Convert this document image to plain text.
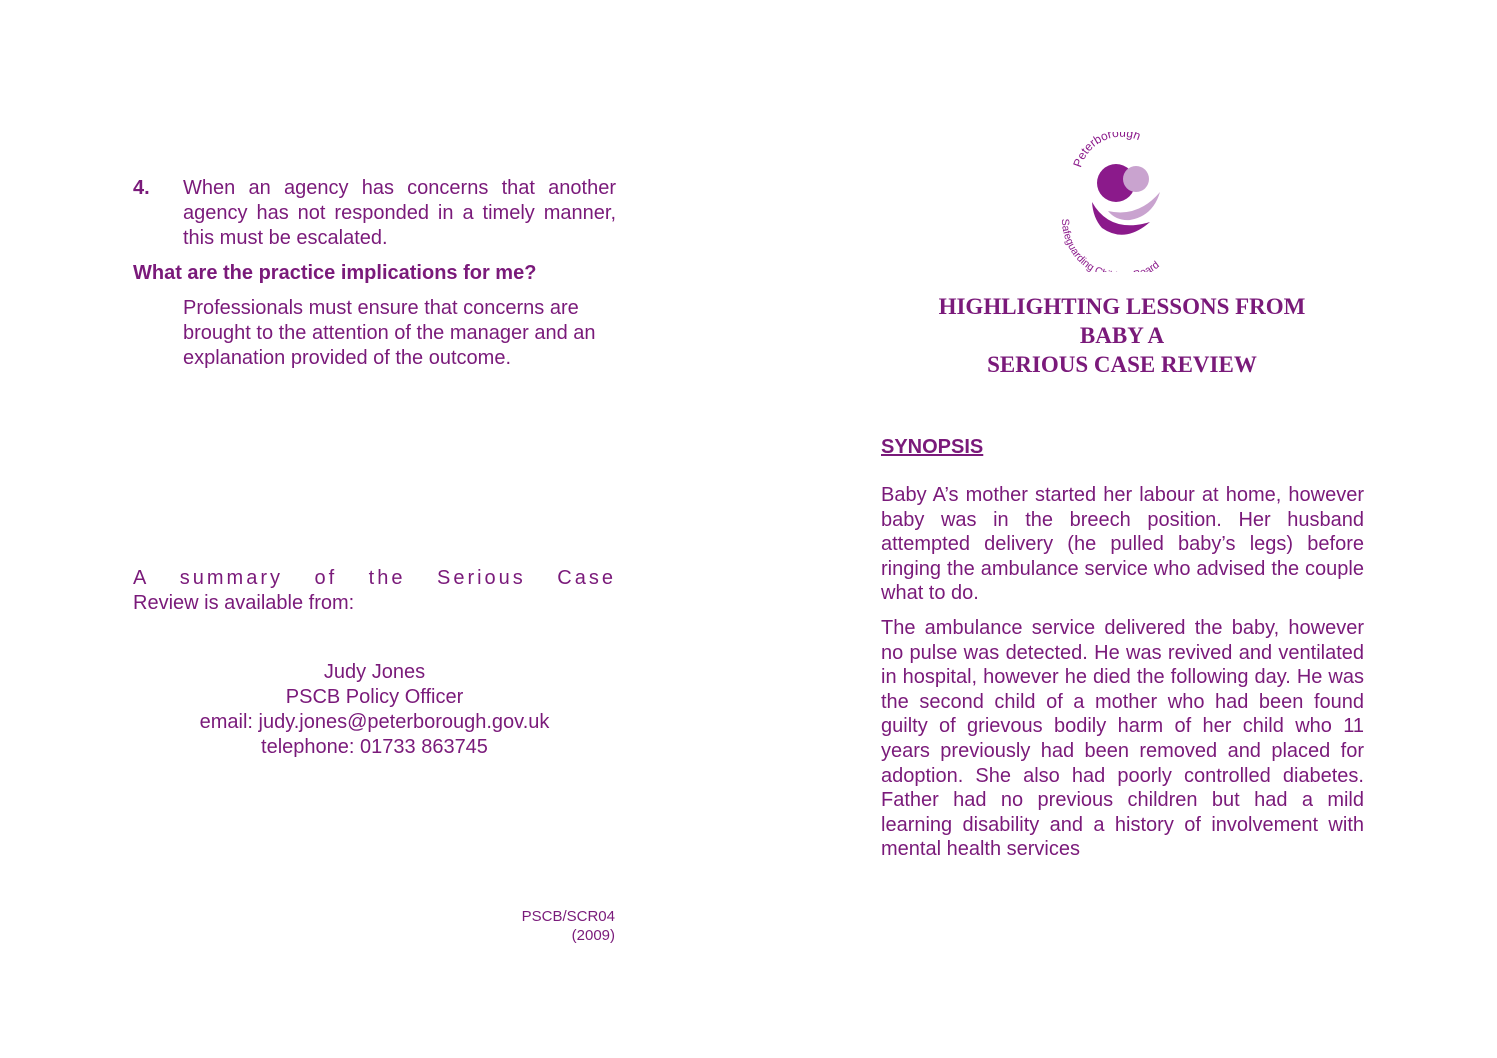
4. When an agency has concerns that another agency has not responded in a timely manner, this must be escalated.
What are the practice implications for me?
Professionals must ensure that concerns are brought to the attention of the manager and an explanation provided of the outcome.
A summary of the Serious Case
Review is available from:
Judy Jones
PSCB Policy Officer
email: judy.jones@peterborough.gov.uk
telephone: 01733 863745
PSCB/SCR04
(2009)
Peterborough
Safeguarding C ard
HIGHLIGHTING LESSONS FROM
BABY A
SERIOUS CASE REVIEW
SYNOPSIS

Baby A’s mother started her labour at home, however baby was in the breech position. Her husband attempted delivery (he pulled baby’s legs) before ringing the ambulance service who advised the couple what to do.

The ambulance service delivered the baby, however no pulse was detected. He was revived and ventilated in hospital, however he died the following day. He was the second child of a mother who had been found guilty of grievous bodily harm of her child who 11 years previously had been removed and placed for adoption. She also had poorly controlled diabetes. Father had no previous children but had a mild learning disability and a history of involvement with mental health services
